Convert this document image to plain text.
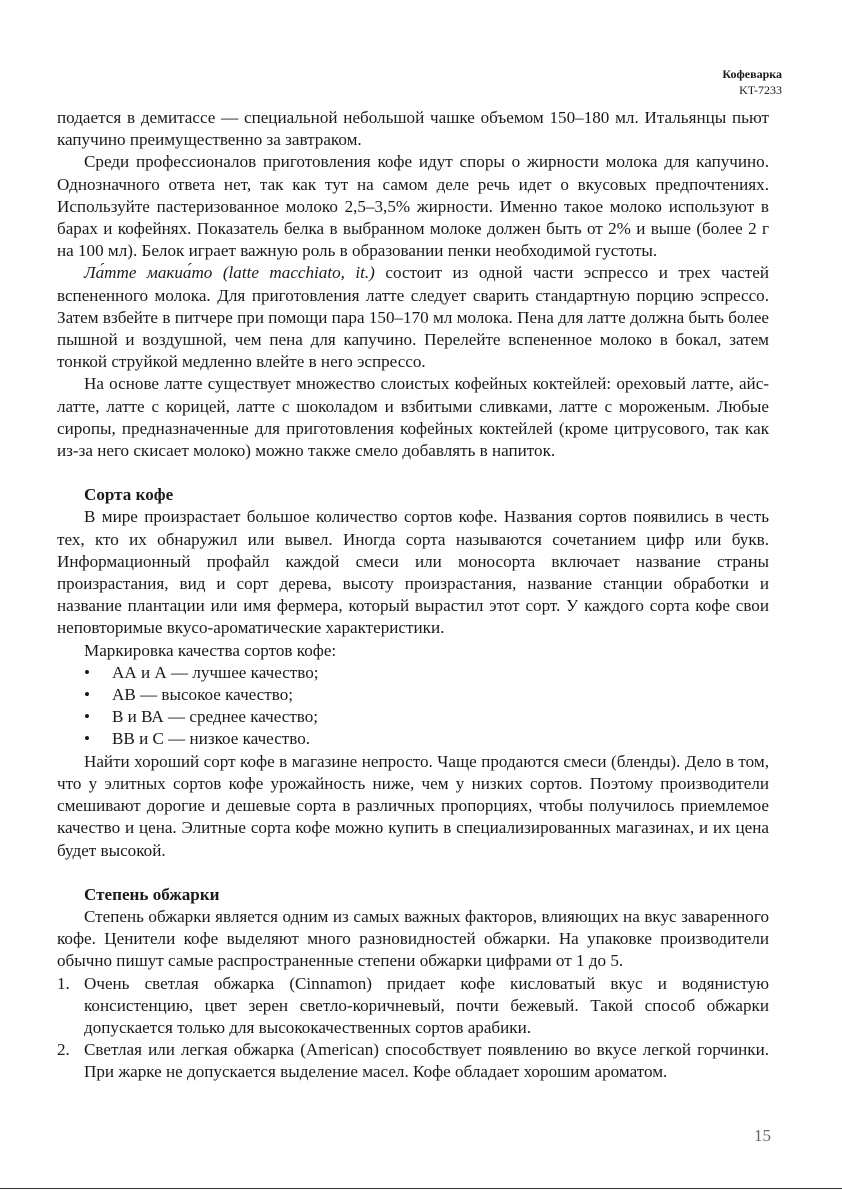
Кофеварка
KT-7233

подается в демитассе — специальной небольшой чашке объемом 150–180 мл. Итальянцы пьют капучино преимущественно за завтраком.

Среди профессионалов приготовления кофе идут споры о жирности молока для капучино. Однозначного ответа нет, так как тут на самом деле речь идет о вкусовых предпочтениях. Используйте пастеризованное молоко 2,5–3,5% жирности. Именно такое молоко используют в барах и кофейнях. Показатель белка в выбранном молоке должен быть от 2% и выше (более 2 г на 100 мл). Белок играет важную роль в образовании пенки необходимой густоты.

Ла́тте макиа́то (latte macchiato, it.) состоит из одной части эспрессо и трех частей вспененного молока. Для приготовления латте следует сварить стандартную порцию эспрессо. Затем взбейте в питчере при помощи пара 150–170 мл молока. Пена для латте должна быть более пышной и воздушной, чем пена для капучино. Перелейте вспененное молоко в бокал, затем тонкой струйкой медленно влейте в него эспрессо.

На основе латте существует множество слоистых кофейных коктейлей: ореховый латте, айс-латте, латте с корицей, латте с шоколадом и взбитыми сливками, латте с мороженым. Любые сиропы, предназначенные для приготовления кофейных коктейлей (кроме цитрусового, так как из-за него скисает молоко) можно также смело добавлять в напиток.

Сорта кофе

В мире произрастает большое количество сортов кофе. Названия сортов появились в честь тех, кто их обнаружил или вывел. Иногда сорта называются сочетанием цифр или букв. Информационный профайл каждой смеси или моносорта включает название страны произрастания, вид и сорт дерева, высоту произрастания, название станции обработки и название плантации или имя фермера, который вырастил этот сорт. У каждого сорта кофе свои неповторимые вкусо-ароматические характеристики.

Маркировка качества сортов кофе:

• АА и А — лучшее качество;
• АВ — высокое качество;
• В и ВА — среднее качество;
• ВВ и С — низкое качество.

Найти хороший сорт кофе в магазине непросто. Чаще продаются смеси (бленды). Дело в том, что у элитных сортов кофе урожайность ниже, чем у низких сортов. Поэтому производители смешивают дорогие и дешевые сорта в различных пропорциях, чтобы получилось приемлемое качество и цена. Элитные сорта кофе можно купить в специализированных магазинах, и их цена будет высокой.

Степень обжарки

Степень обжарки является одним из самых важных факторов, влияющих на вкус заваренного кофе. Ценители кофе выделяют много разновидностей обжарки. На упаковке производители обычно пишут самые распространенные степени обжарки цифрами от 1 до 5.

1. Очень светлая обжарка (Cinnamon) придает кофе кисловатый вкус и водянистую консистенцию, цвет зерен светло-коричневый, почти бежевый. Такой способ обжарки допускается только для высококачественных сортов арабики.
2. Светлая или легкая обжарка (American) способствует появлению во вкусе легкой горчинки. При жарке не допускается выделение масел. Кофе обладает хорошим ароматом.
15
